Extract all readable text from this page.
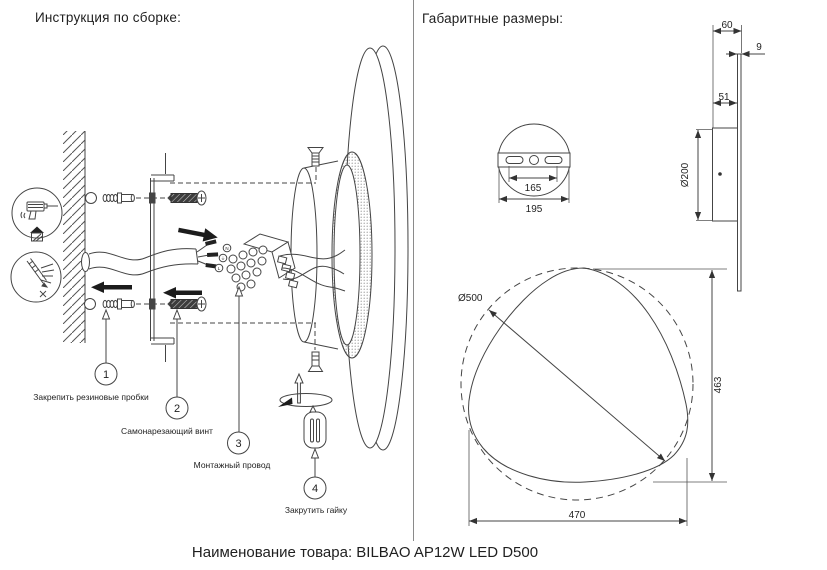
Инструкция по сборке:	Габаритные размеры:
N
⏚
L
1
2
3
4
Закрепить резиновые пробки
Самонарезающий винт
Монтажный провод
Закрутить гайку
165
195
60
9
51
Ø200
Ø500
463
470
Наименование товара: BILBAO AP12W LED D500
